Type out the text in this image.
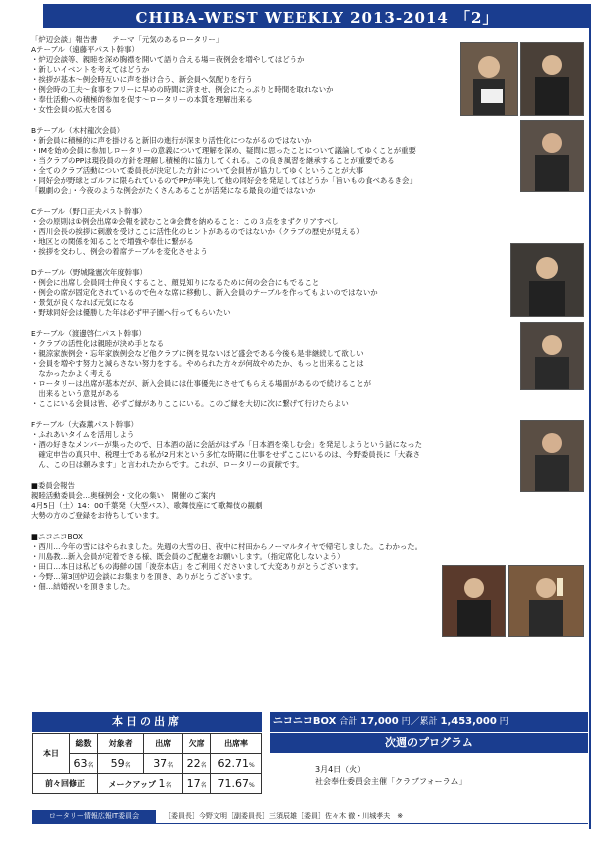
CHIBA-WEST WEEKLY 2013-2014 「2」
「炉辺会談」報告書　　テーマ「元気のあるロータリー」
Aテーブル（遠藤平パスト幹事）
・炉辺会談等、親睦を深め胸襟を開いて語り合える場＝夜例会を増やしてはどうか
・新しいイベントを考えてはどうか
・挨拶が基本～例会時互いに声を掛け合う、新会員へ気配りを行う
・例会時の工夫～食事をフリーに早めの時間に済ませ、例会にたっぷりと時間を取れないか
・奉仕活動への積極的参加を促す～ロータリーの本質を理解出来る
・女性会員の拡大を図る
Bテーブル（木村龍次会員）
・新会員に積極的に声を掛けると新旧の進行が深まり活性化につながるのではないか
・IMを始め会員に参加しロータリーの意義について理解を深め、疑問に思ったことについて議論してゆくことが重要
・当クラブのPPは現役員の方針を理解し積極的に協力してくれる。この良き風習を継承することが重要である
・全てのクラブ活動について委員長が決定した方針について会員皆が協力してゆくということが大事
・同好会が野球とゴルフに限られているのでPPが率先して他の同好会を発足してはどうか「旨いもの食べあるき会」
「観劇の会」・今夜のような例会がたくさんあることが活発になる最良の道ではないか
Cテーブル（野口正夫パスト幹事）
・会の原則は①例会出席②会報を読むこと③会費を納めること：この３点をまずクリアすべし
・西川会長の挨拶に刺激を受けここに活性化のヒントがあるのではないか（クラブの歴史が見える）
・地区との関係を知ることで増強や奉仕に繋がる
・挨拶を交わし、例会の着席テーブルを変化させよう
Dテーブル（野城隆憲次年度幹事）
・例会に出席し会員同士仲良くすること、顔見知りになるために何の会合にもでること
・例会の席が固定化されているので色々な席に移動し、新入会員のテーブルを作ってもよいのではないか
・景気が良くなれば元気になる
・野球同好会は優勝した年は必ず甲子園へ行ってもらいたい
Eテーブル（渡邊啓仁パスト幹事）
・クラブの活性化は親睦が決め手となる
・親涼家族例会・忘年家族例会など他クラブに例を見ないほど盛会である今後も是非継続して欲しい
・会員を増やす努力と減らさない努力をする。やめられた方々が何故やめたか、もっと出来ることは
　なかったかよく考える
・ロータリーは出席が基本だが、新入会員には仕事優先にさせてもらえる場面があるので続けることが
　出来るという意見がある
・ここにいる会員は皆、必ずご縁がありここにいる。このご縁を大切に次に繋げて行けたらよい
Fテーブル（大森薫パスト幹事）
・ふれあいタイムを活用しよう
・酒の好きなメンバーが集ったので、日本酒の話に会話がはずみ「日本酒を楽しむ会」を発足しようという話になった
　確定申告の真只中、税理士である私が2月末という多忙な時期に仕事をせずここにいるのは、今野委員長に「大森さ
　ん、この日は頼みます」と言われたからです。これが、ロータリーの貢献です。
■委員会報告
親睦活動委員会…奥様例会・文化の集い　開催のご案内
4月5日（土）14：00千葉発（大型バス）、歌舞伎座にて歌舞伎の観劇
大勢の方のご登録をお待ちしています。
■ニコニコBOX
・西川…今年の雪にはやられました。先週の大雪の日、夜中に村田からノーマルタイヤで帰宅しました。こわかった。
・川島教…新入会員が定着できる様、既会員のご配慮をお願いします。（指定席化しないよう）
・田口…本日は私どもの海鮮の国「浚奈本店」をご利用くださいまして大変ありがとうございます。
・今野…第3回炉辺会談にお集まりを頂き、ありがとうございます。
・佃…結婚祝いを頂きました。
本日の出席
本日	総数	対象者	出席	欠席	出席率
	63名	59名	37名	22名	62.71%
前々回修正		メークアップ 1名		17名	71.67%
ニコニコBOX 合計 17,000 円／累計 1,453,000 円
次週のプログラム
3月4日（火）
社会奉仕委員会主催「クラブフォーラム」
ロータリー情報広報IT委員会	［委員長］今野文明［副委員長］三須辰雄［委員］佐々木 徹・川城孝夫　※
